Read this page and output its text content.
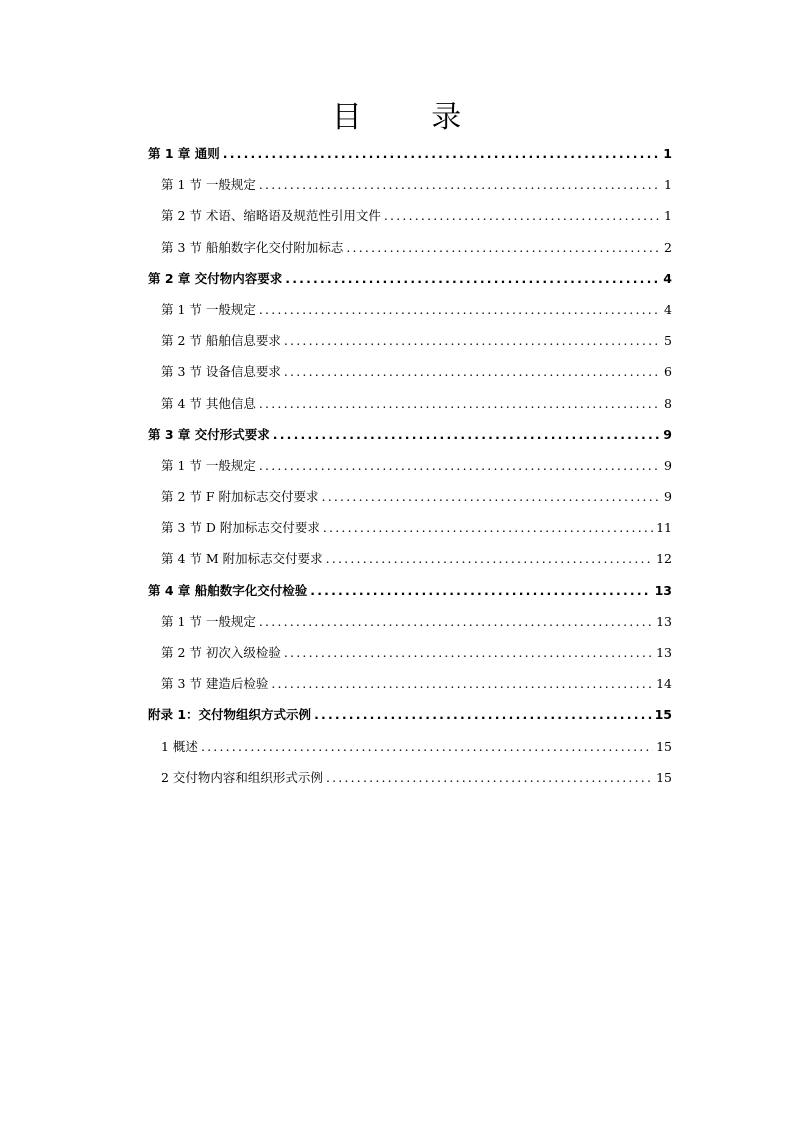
目 录
第 1 章 通则 .....	1
第 1 节 一般规定 .....	1
第 2 节 术语、缩略语及规范性引用文件 .....	1
第 3 节 船舶数字化交付附加标志 .....	2
第 2 章 交付物内容要求 .....	4
第 1 节 一般规定 .....	4
第 2 节 船舶信息要求 .....	5
第 3 节 设备信息要求 .....	6
第 4 节 其他信息 .....	8
第 3 章 交付形式要求 .....	9
第 1 节 一般规定 .....	9
第 2 节 F 附加标志交付要求 .....	9
第 3 节 D 附加标志交付要求 .....	11
第 4 节 M 附加标志交付要求 .....	12
第 4 章 船舶数字化交付检验 .....	13
第 1 节 一般规定 .....	13
第 2 节 初次入级检验 .....	13
第 3 节 建造后检验 .....	14
附录 1：交付物组织方式示例 .....	15
1 概述 .....	15
2 交付物内容和组织形式示例 .....	15
